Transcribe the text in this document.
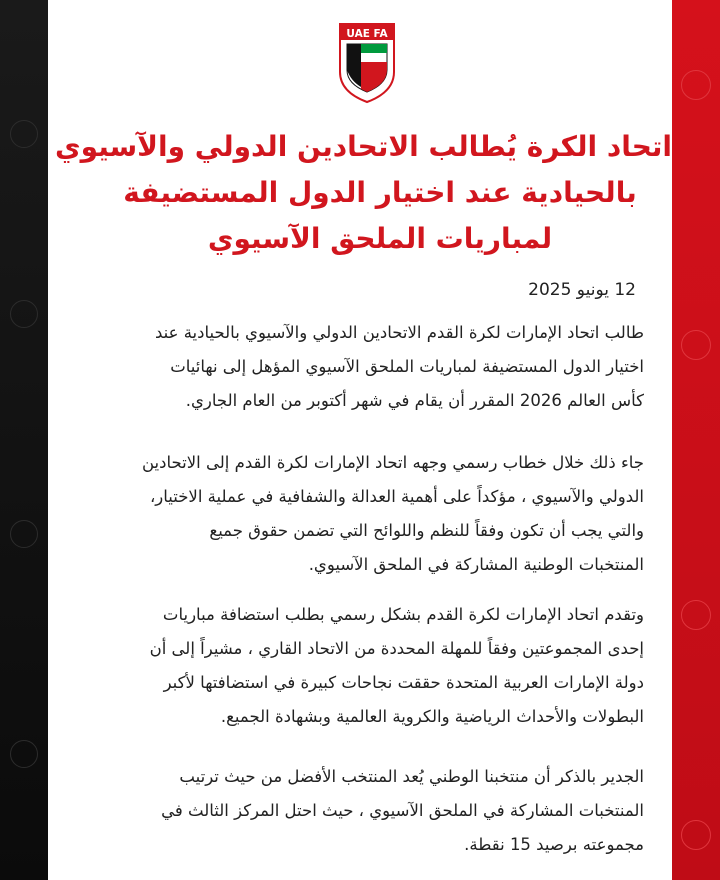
UAE FA
اتحاد الكرة يُطالب الاتحادين الدولي والآسيوي
بالحيادية عند اختيار الدول المستضيفة
لمباريات الملحق الآسيوي
12 يونيو 2025
طالب اتحاد الإمارات لكرة القدم الاتحادين الدولي والآسيوي بالحيادية عند
اختيار الدول المستضيفة لمباريات الملحق الآسيوي المؤهل إلى نهائيات
كأس العالم 2026 المقرر أن يقام في شهر أكتوبر من العام الجاري.
جاء ذلك خلال خطاب رسمي وجهه اتحاد الإمارات لكرة القدم إلى الاتحادين
الدولي والآسيوي ، مؤكداً على أهمية العدالة والشفافية في عملية الاختيار،
والتي يجب أن تكون وفقاً للنظم واللوائح التي تضمن حقوق جميع
المنتخبات الوطنية المشاركة في الملحق الآسيوي.
وتقدم اتحاد الإمارات لكرة القدم بشكل رسمي بطلب استضافة مباريات
إحدى المجموعتين وفقاً للمهلة المحددة من الاتحاد القاري ، مشيراً إلى أن
دولة الإمارات العربية المتحدة حققت نجاحات كبيرة في استضافتها لأكبر
البطولات والأحداث الرياضية والكروية العالمية وبشهادة الجميع.
الجدير بالذكر أن منتخبنا الوطني يُعد المنتخب الأفضل من حيث ترتيب
المنتخبات المشاركة في الملحق الآسيوي ، حيث احتل المركز الثالث في
مجموعته برصيد 15 نقطة.
